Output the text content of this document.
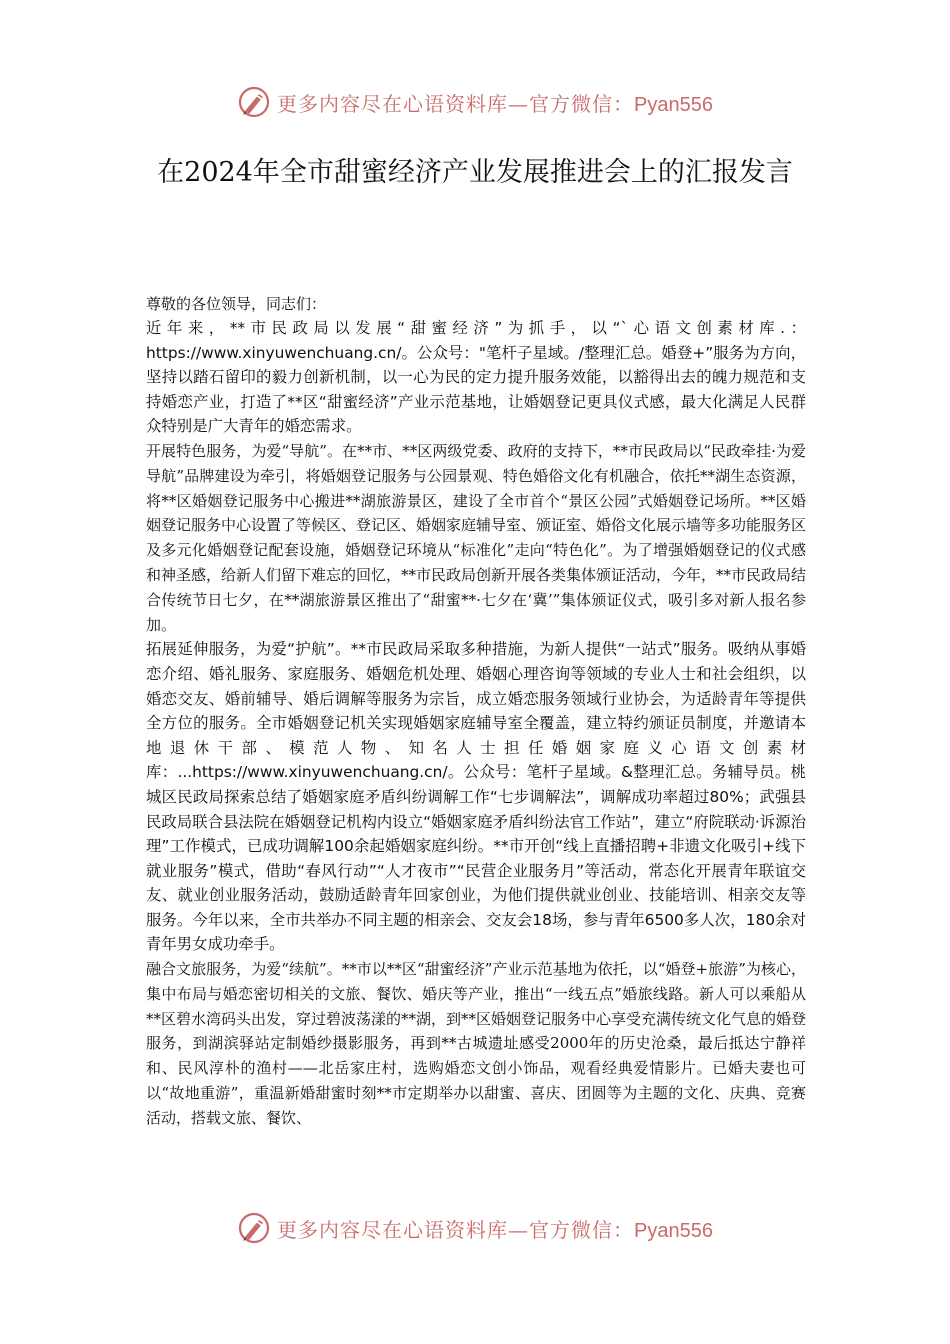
更多内容尽在心语资料库—官方微信：Pyan556
在2024年全市甜蜜经济产业发展推进会上的汇报发言

尊敬的各位领导，同志们：

近年来，**市民政局以发展“甜蜜经济”为抓手，以“`心语文创素材库.：https://www.xinyuwenchuang.cn/。公众号："笔杆子星域。/整理汇总。婚登+”服务为方向，坚持以踏石留印的毅力创新机制，以一心为民的定力提升服务效能，以豁得出去的魄力规范和支持婚恋产业，打造了**区“甜蜜经济”产业示范基地，让婚姻登记更具仪式感，最大化满足人民群众特别是广大青年的婚恋需求。

开展特色服务，为爱“导航”。在**市、**区两级党委、政府的支持下，**市民政局以“民政牵挂·为爱导航”品牌建设为牵引，将婚姻登记服务与公园景观、特色婚俗文化有机融合，依托**湖生态资源，将**区婚姻登记服务中心搬进**湖旅游景区，建设了全市首个“景区公园”式婚姻登记场所。**区婚姻登记服务中心设置了等候区、登记区、婚姻家庭辅导室、颁证室、婚俗文化展示墙等多功能服务区及多元化婚姻登记配套设施，婚姻登记环境从“标准化”走向“特色化”。为了增强婚姻登记的仪式感和神圣感，给新人们留下难忘的回忆，**市民政局创新开展各类集体颁证活动，今年，**市民政局结合传统节日七夕，在**湖旅游景区推出了“甜蜜**·七夕在‘冀’”集体颁证仪式，吸引多对新人报名参加。

拓展延伸服务，为爱“护航”。**市民政局采取多种措施，为新人提供“一站式”服务。吸纳从事婚恋介绍、婚礼服务、家庭服务、婚姻危机处理、婚姻心理咨询等领域的专业人士和社会组织，以婚恋交友、婚前辅导、婚后调解等服务为宗旨，成立婚恋服务领域行业协会，为适龄青年等提供全方位的服务。全市婚姻登记机关实现婚姻家庭辅导室全覆盖，建立特约颁证员制度，并邀请本地退休干部、模范人物、知名人士担任婚姻家庭义心语文创素材库：...https://www.xinyuwenchuang.cn/。公众号：笔杆子星域。&整理汇总。务辅导员。桃城区民政局探索总结了婚姻家庭矛盾纠纷调解工作“七步调解法”，调解成功率超过80%；武强县民政局联合县法院在婚姻登记机构内设立“婚姻家庭矛盾纠纷法官工作站”，建立“府院联动·诉源治理”工作模式，已成功调解100余起婚姻家庭纠纷。**市开创“线上直播招聘+非遗文化吸引+线下就业服务”模式，借助“春风行动”“人才夜市”“民营企业服务月”等活动，常态化开展青年联谊交友、就业创业服务活动，鼓励适龄青年回家创业，为他们提供就业创业、技能培训、相亲交友等服务。今年以来，全市共举办不同主题的相亲会、交友会18场，参与青年6500多人次，180余对青年男女成功牵手。

融合文旅服务，为爱“续航”。**市以**区“甜蜜经济”产业示范基地为依托，以“婚登+旅游”为核心，集中布局与婚恋密切相关的文旅、餐饮、婚庆等产业，推出“一线五点”婚旅线路。新人可以乘船从**区碧水湾码头出发，穿过碧波荡漾的**湖，到**区婚姻登记服务中心享受充满传统文化气息的婚登服务，到湖滨驿站定制婚纱摄影服务，再到**古城遗址感受2000年的历史沧桑，最后抵达宁静祥和、民风淳朴的渔村——北岳家庄村，选购婚恋文创小饰品，观看经典爱情影片。已婚夫妻也可以“故地重游”，重温新婚甜蜜时刻**市定期举办以甜蜜、喜庆、团圆等为主题的文化、庆典、竞赛活动，搭载文旅、餐饮、

更多内容尽在心语资料库—官方微信：Pyan556
